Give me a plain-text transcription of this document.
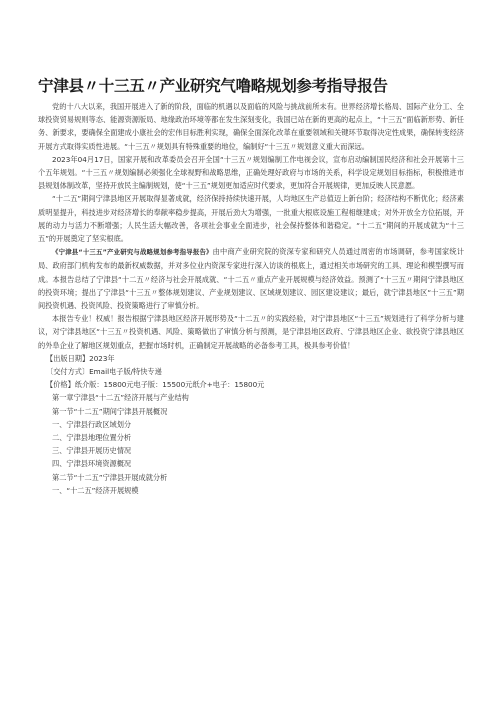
宁津县〃十三五〃产业研究气噜略规划参考指导报告

党的十八大以来，我国开展进入了新的阶段，面临的机遇以及面临的风险与挑战前所未有。世界经济增长格局、国际产业分工、全球投资贸易规则等态、能源资源版局、地缘政治环境等都在发生深刻变化，我国已站在新的更高的起点上，“十三五”面临新形势、新任务、新要求，要确保全面建成小康社会的宏伟目标胜利实现，确保全面深化改革在重要领域和关键环节取得决定性成果，确保转变经济开展方式取得实质性进展。“十三五〃规划具有特殊重要的地位，编制好“十三五〃规划意义重大而深远。

2023年04月17日，国家开展和改革委员会召开全国“十三五〃规划编制工作电视会议，宣布启动编制国民经济和社会开展第十三个五年规划。“十三五〃规划编制必须强化全球视野和战略思维，正确处理好政府与市场的关系，科学设定规划目标指标，积极推进市县规划体制改革，坚持开放民主编制规划，使“十三五”规划更加适应时代要求，更加符合开展规律，更加反映人民意愿。

“十二五”期间宁津县地区开展取得显著成就，经济保持持续快速开展，人均地区生产总值迈上新台阶；经济结构不断优化；经济素质明显提升，科技进步对经济增长的奉献率稳步提高，开展后劲大为增强，一批重大根底设施工程相继建成；对外开放全方位拓展，开展的动力与活力不断增强；人民生活大幅改善，各项社会事业全面进步，社会保持整体和谐稳定。“十二五”期间的开展成就为“十三五”的开展奠定了坚实根底。

《宁津县“十三五”产业研究与战略规划参考指导报告》由中商产业研究院的资深专家和研究人员通过周密的市场调研，参考国家统计局、政府部门机构发布的最新权威数据，并对多位业内资深专家进行深入访谈的根底上，通过相关市场研究的工具、理论和模型撰写而成。本报告总结了宁津县“十二五〃经济与社会开展成就、“十二五〃重点产业开展规模与经济效益。预测了“十三五〃期间宁津县地区的投资环境；提出了宁津县“十三五〃整体规划建议、产业规划建议、区域规划建议、园区建设建议；最后，就宁津县地区“十三五”期间投资机遇、投资风险、投资策略进行了审慎分析。

本报告专业！权威！报告根据宁津县地区经济开展形势及“十二五〃的实践经验，对宁津县地区“十三五”规划进行了科学分析与建议，对宁津县地区“十三五〃投资机遇、风险、策略做出了审慎分析与预测，是宁津县地区政府、宁津县地区企业、欲投资宁津县地区的外阜企业了解地区规划重点，把握市场时机，正确制定开展战略的必备参考工具，极具参考价值！

【出版日期】2023年

〔交付方式〕Email电子版/特快专递

【价格】纸介版：15800元电子版：15500元纸介+电子：15800元

第一章宁津县“十二五”经济开展与产业结构

第一节“十二五”期间宁津县开展概况

一、宁津县行政区域划分

二、宁津县地理位置分析

三、宁津县开展历史情况

四、宁津县环境资源概况

第二节“十二五”宁津县开展成就分析

一、“十二五”经济开展规模
